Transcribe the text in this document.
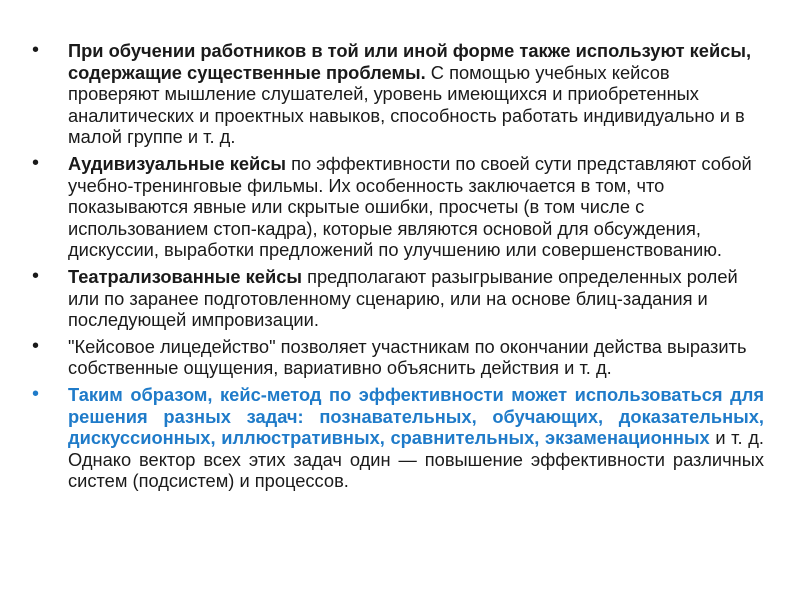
• При обучении работников в той или иной форме также используют кейсы, содержащие существенные проблемы. С помощью учебных кейсов проверяют мышление слушателей, уровень имеющихся и приобретенных аналитических и проектных навыков, способность работать индивидуально и в малой группе и т. д.
• Аудивизуальные кейсы по эффективности по своей сути представляют собой учебно-тренинговые фильмы. Их особенность заключается в том, что показываются явные или скрытые ошибки, просчеты (в том числе с использованием стоп-кадра), которые являются основой для обсуждения, дискуссии, выработки предложений по улучшению или совершенствованию.
• Театрализованные кейсы предполагают разыгрывание определенных ролей или по заранее подготовленному сценарию, или на основе блиц-задания и последующей импровизации.
• "Кейсовое лицедейство" позволяет участникам по окончании действа выразить собственные ощущения, вариативно объяснить действия и т. д.
• Таким образом, кейс-метод по эффективности может использоваться для решения разных задач: познавательных, обучающих, доказательных, дискуссионных, иллюстративных, сравнительных, экзаменационных и т. д. Однако вектор всех этих задач один — повышение эффективности различных систем (подсистем) и процессов.
